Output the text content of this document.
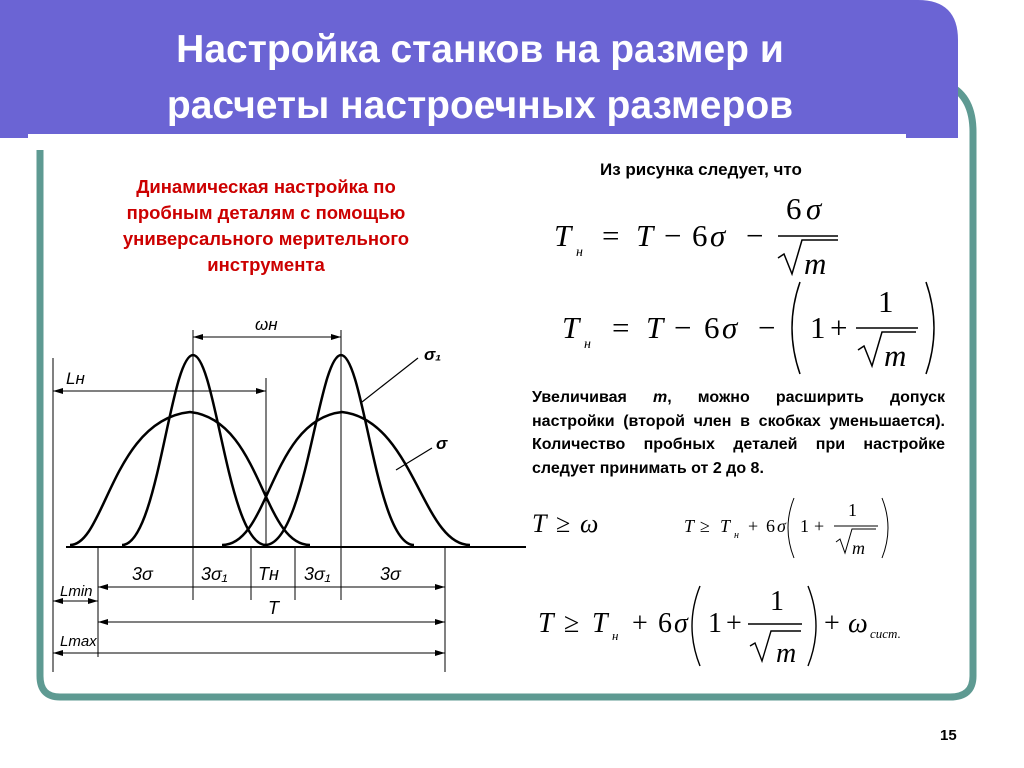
Настройка станков на размер и
расчеты настроечных размеров
Динамическая настройка по
пробным деталям с помощью
универсального мерительного
инструмента
ωн
Lн
3σ	3σ₁ Tн 3σ₁	3σ
Lmin
T
Lmax
σ₁
σ
Из рисунка следует, что
T н = T − 6 σ −
6 σ
m
T н = T − 6 σ − 1 +
1
m
Увеличивая m, можно расширить допуск настройки (второй член в скобках уменьшается). Количество пробных деталей при настройке следует принимать от 2 до 8.
T ≥ ω	T ≥ T н + 6 σ 1 +
1
m
T ≥ T н + 6 σ 1 +
1
m
+ ω сист.
15
